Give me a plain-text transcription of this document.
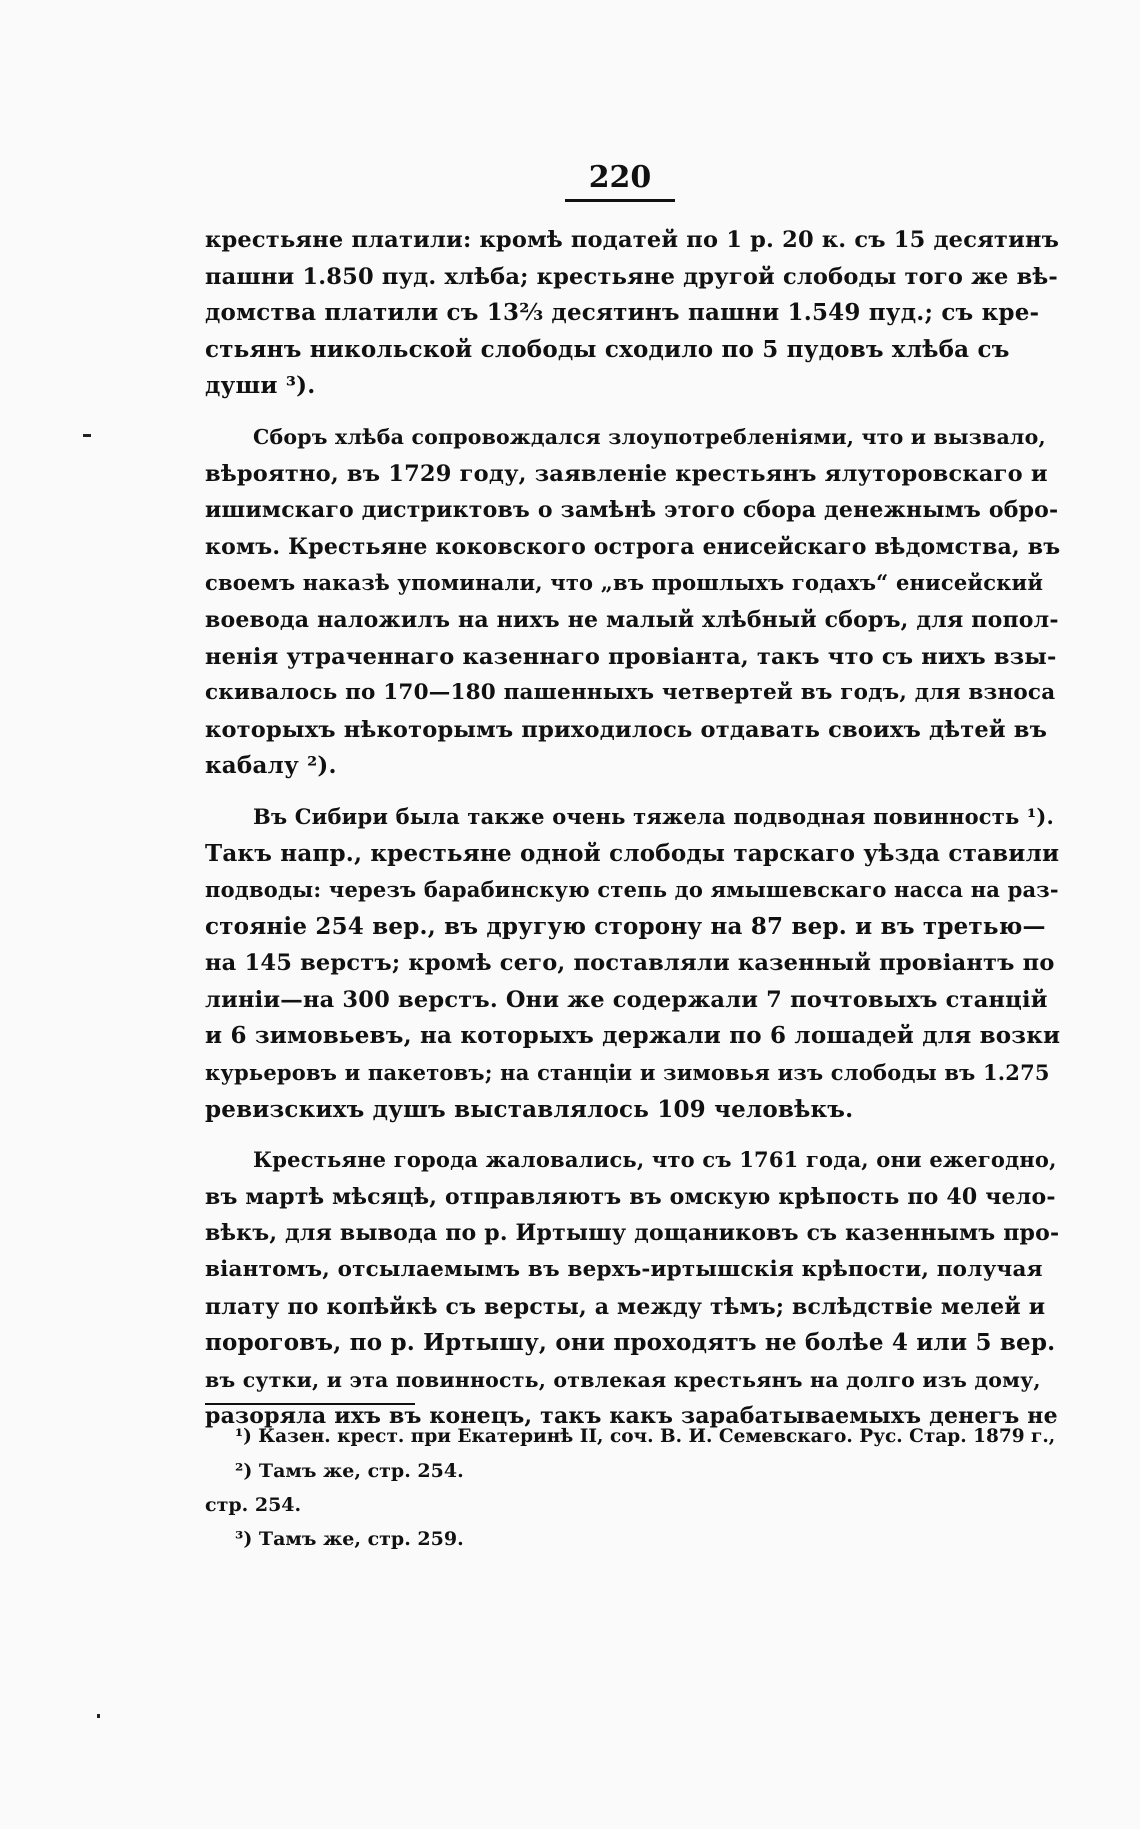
220
крестьяне платили: кромѣ податей по 1 р. 20 к. съ 15 десятинъ
пашни 1.850 пуд. хлѣба; крестьяне другой слободы того же вѣ-
домства платили съ 13⅔ десятинъ пашни 1.549 пуд.; съ кре-
стьянъ никольской слободы сходило по 5 пудовъ хлѣба съ
души ³).
Сборъ хлѣба сопровождался злоупотребленіями, что и вызвало,
вѣроятно, въ 1729 году, заявленіе крестьянъ ялуторовскаго и
ишимскаго дистриктовъ о замѣнѣ этого сбора денежнымъ обро-
комъ. Крестьяне коковского острога енисейскаго вѣдомства, въ
своемъ наказѣ упоминали, что „въ прошлыхъ годахъ“ енисейский
воевода наложилъ на нихъ не малый хлѣбный сборъ, для попол-
ненія утраченнаго казеннаго провіанта, такъ что съ нихъ взы-
скивалось по 170—180 пашенныхъ четвертей въ годъ, для взноса
которыхъ нѣкоторымъ приходилось отдавать своихъ дѣтей въ
кабалу ²).
Въ Сибири была также очень тяжела подводная повинность ¹).
Такъ напр., крестьяне одной слободы тарскаго уѣзда ставили
подводы: черезъ барабинскую степь до ямышевскаго насса на раз-
стояніе 254 вер., въ другую сторону на 87 вер. и въ третью—
на 145 верстъ; кромѣ сего, поставляли казенный провіантъ по
линіи—на 300 верстъ. Они же содержали 7 почтовыхъ станцій
и 6 зимовьевъ, на которыхъ держали по 6 лошадей для возки
курьеровъ и пакетовъ; на станціи и зимовья изъ слободы въ 1.275
ревизскихъ душъ выставлялось 109 человѣкъ.
Крестьяне города жаловались, что съ 1761 года, они ежегодно,
въ мартѣ мѣсяцѣ, отправляютъ въ омскую крѣпость по 40 чело-
вѣкъ, для вывода по р. Иртышу дощаниковъ съ казеннымъ про-
віантомъ, отсылаемымъ въ верхъ-иртышскія крѣпости, получая
плату по копѣйкѣ съ версты, а между тѣмъ; вслѣдствіе мелей и
пороговъ, по р. Иртышу, они проходятъ не болѣе 4 или 5 вер.
въ сутки, и эта повинность, отвлекая крестьянъ на долго изъ дому,
разоряла ихъ въ конецъ, такъ какъ зарабатываемыхъ денегъ не
¹) Казен. крест. при Екатеринѣ II, соч. В. И. Семевскаго. Рус. Стар. 1879 г.,
²) Тамъ же, стр. 254.
стр. 254.
³) Тамъ же, стр. 259.
